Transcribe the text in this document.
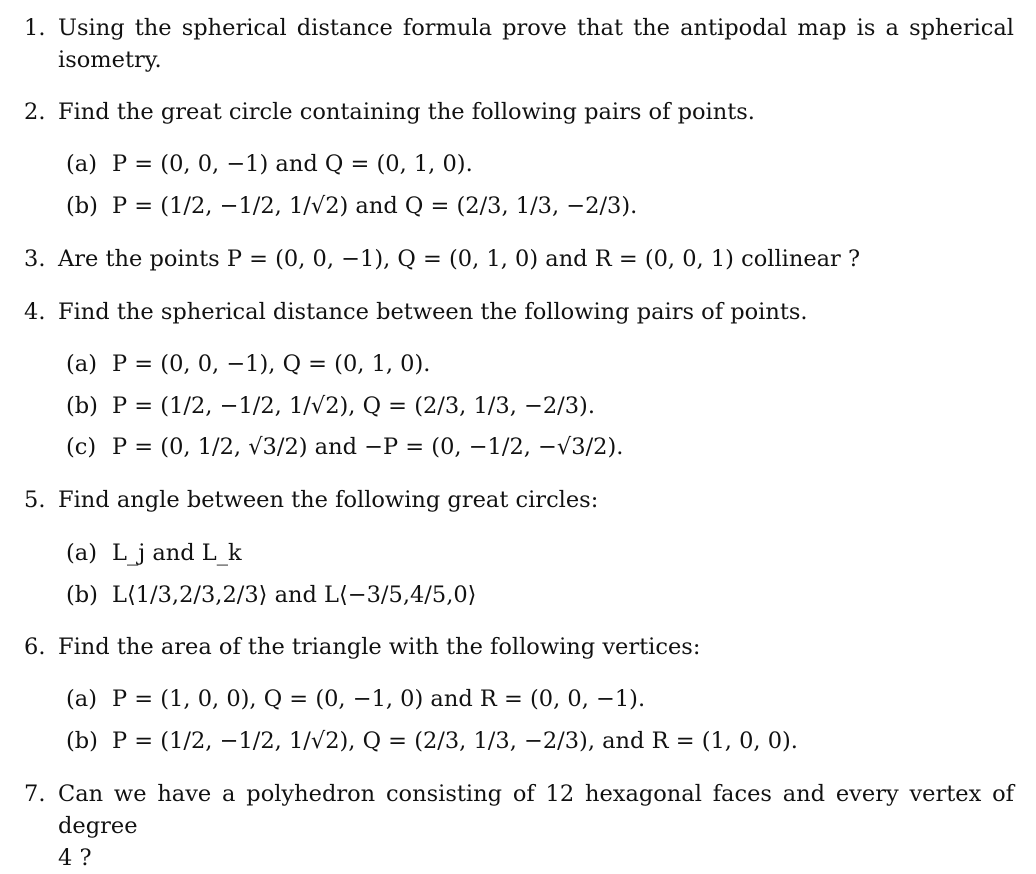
1. Using the spherical distance formula prove that the antipodal map is a spherical
isometry.
2. Find the great circle containing the following pairs of points.
(a) P = (0, 0, −1) and Q = (0, 1, 0).
(b) P = (1/2, −1/2, 1/√2) and Q = (2/3, 1/3, −2/3).
3. Are the points P = (0, 0, −1), Q = (0, 1, 0) and R = (0, 0, 1) collinear ?
4. Find the spherical distance between the following pairs of points.
(a) P = (0, 0, −1), Q = (0, 1, 0).
(b) P = (1/2, −1/2, 1/√2), Q = (2/3, 1/3, −2/3).
(c) P = (0, 1/2, √3/2) and −P = (0, −1/2, −√3/2).
5. Find angle between the following great circles:
(a) L_j and L_k
(b) L⟨1/3,2/3,2/3⟩ and L⟨−3/5,4/5,0⟩
6. Find the area of the triangle with the following vertices:
(a) P = (1, 0, 0), Q = (0, −1, 0) and R = (0, 0, −1).
(b) P = (1/2, −1/2, 1/√2), Q = (2/3, 1/3, −2/3), and R = (1, 0, 0).
7. Can we have a polyhedron consisting of 12 hexagonal faces and every vertex of degree
4 ?
